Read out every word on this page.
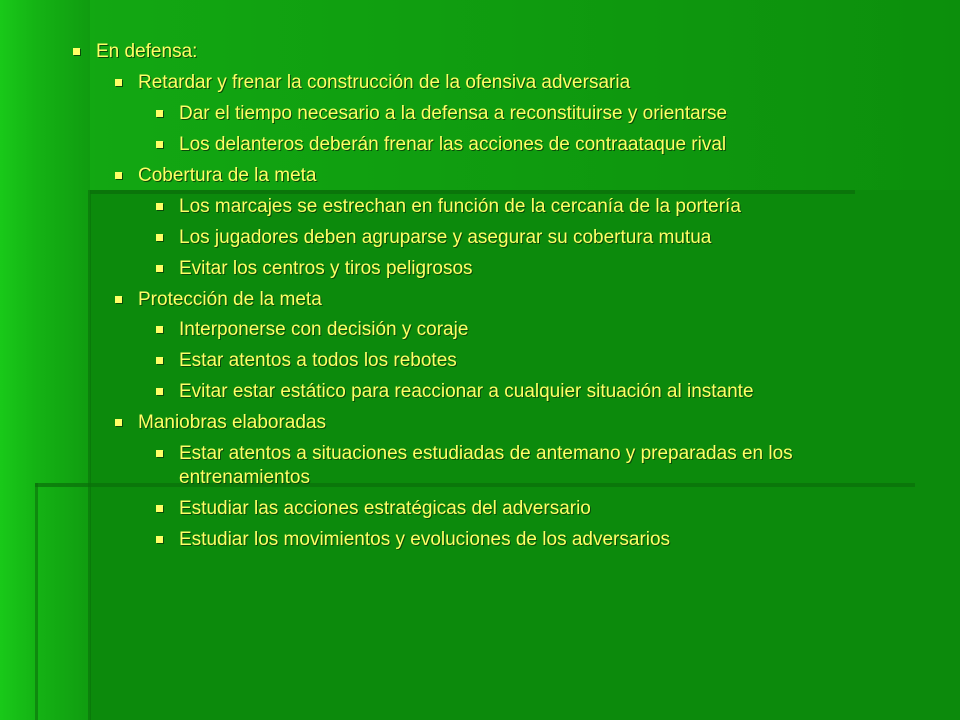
En defensa:
Retardar y frenar la construcción de la ofensiva adversaria
Dar el tiempo necesario a la defensa a reconstituirse y orientarse
Los delanteros deberán frenar las acciones de contraataque rival
Cobertura de la meta
Los marcajes se estrechan en función de la cercanía de la portería
Los jugadores deben agruparse y asegurar su cobertura mutua
Evitar los centros y tiros peligrosos
Protección de la meta
Interponerse con decisión y coraje
Estar atentos a todos los rebotes
Evitar estar estático para reaccionar a cualquier situación al instante
Maniobras elaboradas
Estar atentos a situaciones estudiadas de antemano y preparadas en los entrenamientos
Estudiar las acciones estratégicas del adversario
Estudiar los movimientos y evoluciones de los adversarios
